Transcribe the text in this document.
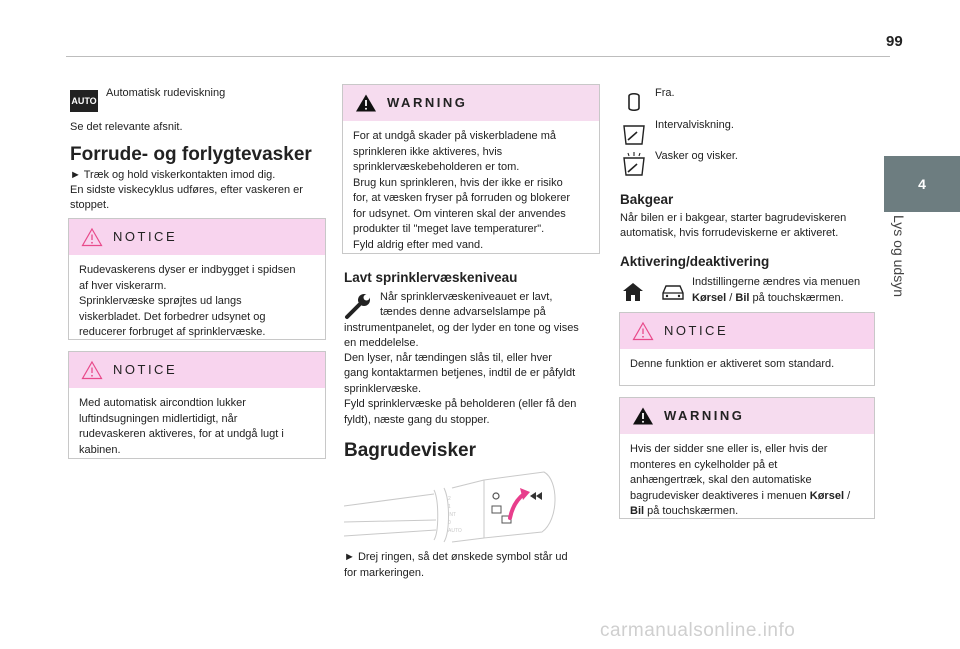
99
4
Lys og udsyn
AUTO
Automatisk rudeviskning
Se det relevante afsnit.
Forrude- og forlygtevasker
► Træk og hold viskerkontakten imod dig.
En sidste viskecyklus udføres, efter vaskeren er
stoppet.
NOTICE
Rudevaskerens dyser er indbygget i spidsen
af hver viskerarm.
Sprinklervæske sprøjtes ud langs
viskerbladet. Det forbedrer udsynet og
reducerer forbruget af sprinklervæske.
NOTICE
Med automatisk aircondtion lukker
luftindsugningen midlertidigt, når
rudevaskeren aktiveres, for at undgå lugt i
kabinen.
WARNING
For at undgå skader på viskerbladene må
sprinkleren ikke aktiveres, hvis
sprinklervæskebeholderen er tom.
Brug kun sprinkleren, hvis der ikke er risiko
for, at væsken fryser på forruden og blokerer
for udsynet. Om vinteren skal der anvendes
produkter til "meget lave temperaturer".
Fyld aldrig efter med vand.
Lavt sprinklervæskeniveau
Når sprinklervæskeniveauet er lavt,
tændes denne advarselslampe på
instrumentpanelet, og der lyder en tone og vises
en meddelelse.
Den lyser, når tændingen slås til, eller hver
gang kontaktarmen betjenes, indtil de er påfyldt
sprinklervæske.
Fyld sprinklervæske på beholderen (eller få den
fyldt), næste gang du stopper.
Bagrudevisker
2
1
INT
0
AUTO
► Drej ringen, så det ønskede symbol står ud
for markeringen.
Fra.
Intervalviskning.
Vasker og visker.
Bakgear
Når bilen er i bakgear, starter bagrudeviskeren
automatisk, hvis forrudeviskerne er aktiveret.
Aktivering/deaktivering
Indstillingerne ændres via menuen
Kørsel / Bil på touchskærmen.
NOTICE
Denne funktion er aktiveret som standard.
WARNING
Hvis der sidder sne eller is, eller hvis der
monteres en cykelholder på et
anhængertræk, skal den automatiske
bagrudevisker deaktiveres i menuen Kørsel /
Bil på touchskærmen.
carmanualsonline.info
